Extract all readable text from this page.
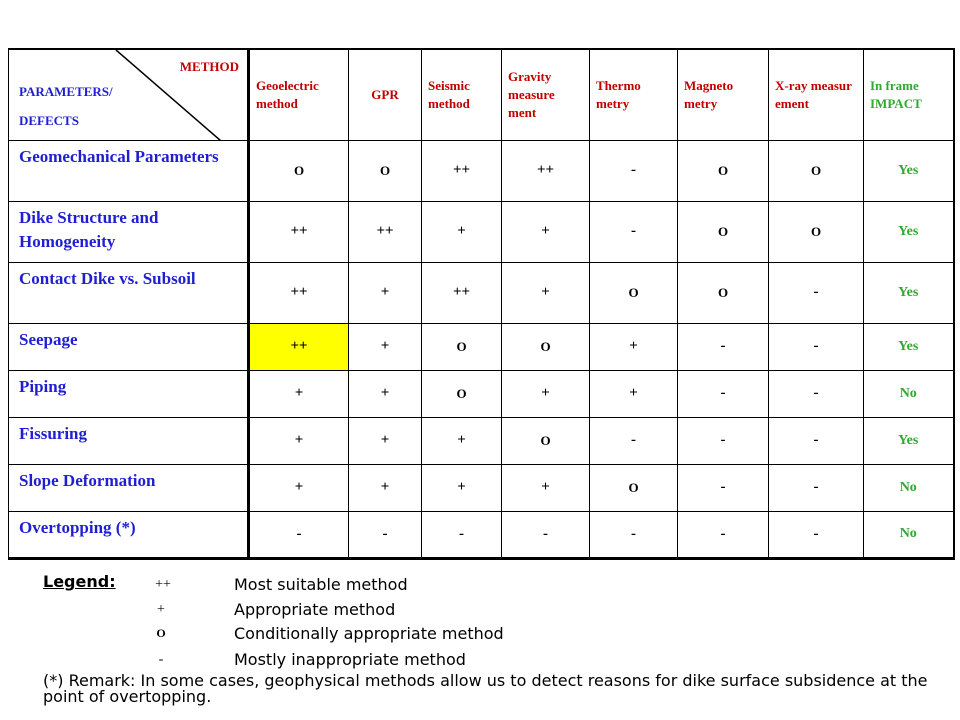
METHOD
PARAMETERS/
DEFECTS	Geoelectric method	GPR	Seismic method	Gravity measure ment	Thermo metry	Magneto metry	X-ray measur ement	In frame IMPACT
Geomechanical Parameters	O	O	++	++	-	O	O	Yes
Dike Structure and Homogeneity	++	++	+	+	-	O	O	Yes
Contact Dike vs. Subsoil	++	+	++	+	O	O	-	Yes
Seepage	++	+	O	O	+	-	-	Yes
Piping	+	+	O	+	+	-	-	No
Fissuring	+	+	+	O	-	-	-	Yes
Slope Deformation	+	+	+	+	O	-	-	No
Overtopping (*)	-	-	-	-	-	-	-	No
Legend:	++	Most suitable method
+	Appropriate method
O	Conditionally appropriate method
-	Mostly inappropriate method
(*) Remark: In some cases, geophysical methods allow us to detect reasons for dike surface subsidence at the point of overtopping.
